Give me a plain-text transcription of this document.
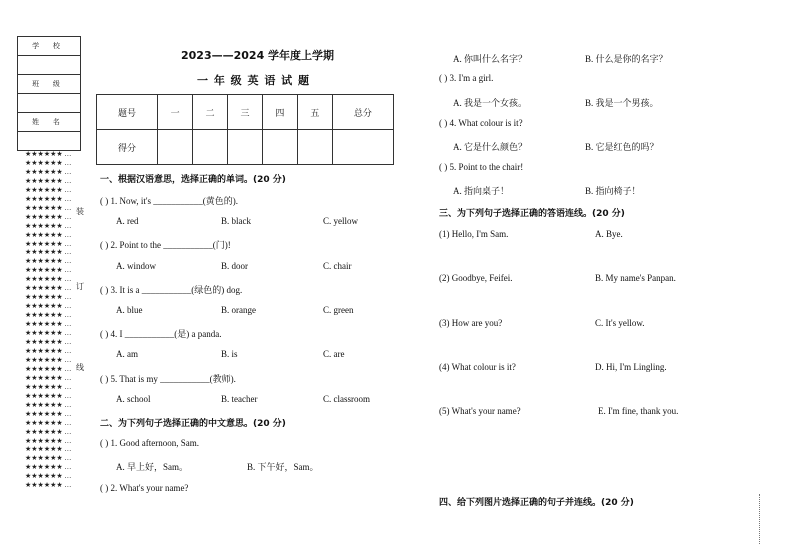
学 校
班 级
姓 名
★★★★★★ …
★★★★★★ …
★★★★★★ …
★★★★★★ …
★★★★★★ …
★★★★★★ …
★★★★★★ …
★★★★★★ …
★★★★★★ …
★★★★★★ …
★★★★★★ …
★★★★★★ …
★★★★★★ …
★★★★★★ …
★★★★★★ …
★★★★★★ …
★★★★★★ …
★★★★★★ …
★★★★★★ …
★★★★★★ …
★★★★★★ …
★★★★★★ …
★★★★★★ …
★★★★★★ …
★★★★★★ …
★★★★★★ …
★★★★★★ …
★★★★★★ …
★★★★★★ …
★★★★★★ …
★★★★★★ …
★★★★★★ …
★★★★★★ …
★★★★★★ …
★★★★★★ …
★★★★★★ …
★★★★★★ …
★★★★★★ …
装
订
线
2023——2024 学年度上学期
一 年 级 英 语 试 题
题号	一	二	三	四	五	总分
得分						
一、根据汉语意思，选择正确的单词。(20 分)
( ) 1. Now, it's ___________(黄色的).
A. red	B. black	C. yellow
( ) 2. Point to the ___________(门)!
A. window	B. door	C. chair
( ) 3. It is a ___________(绿色的) dog.
A. blue	B. orange	C. green
( ) 4. I ___________(是) a panda.
A. am	B. is	C. are
( ) 5. That is my ___________(教师).
A. school	B. teacher	C. classroom
二、为下列句子选择正确的中文意思。(20 分)
( ) 1. Good afternoon, Sam.
A. 早上好，Sam。	B. 下午好，Sam。
( ) 2. What's your name?
A. 你叫什么名字？	B. 什么是你的名字？
( ) 3. I'm a girl.
A. 我是一个女孩。	B. 我是一个男孩。
( ) 4. What colour is it?
A. 它是什么颜色？	B. 它是红色的吗？
( ) 5. Point to the chair!
A. 指向桌子！	B. 指向椅子！
三、为下列句子选择正确的答语连线。(20 分)
(1) Hello, I'm Sam.	A. Bye.
(2) Goodbye, Feifei.	B. My name's Panpan.
(3) How are you?	C. It's yellow.
(4) What colour is it?	D. Hi, I'm Lingling.
(5) What's your name?	E. I'm fine, thank you.
四、给下列图片选择正确的句子并连线。(20 分)
